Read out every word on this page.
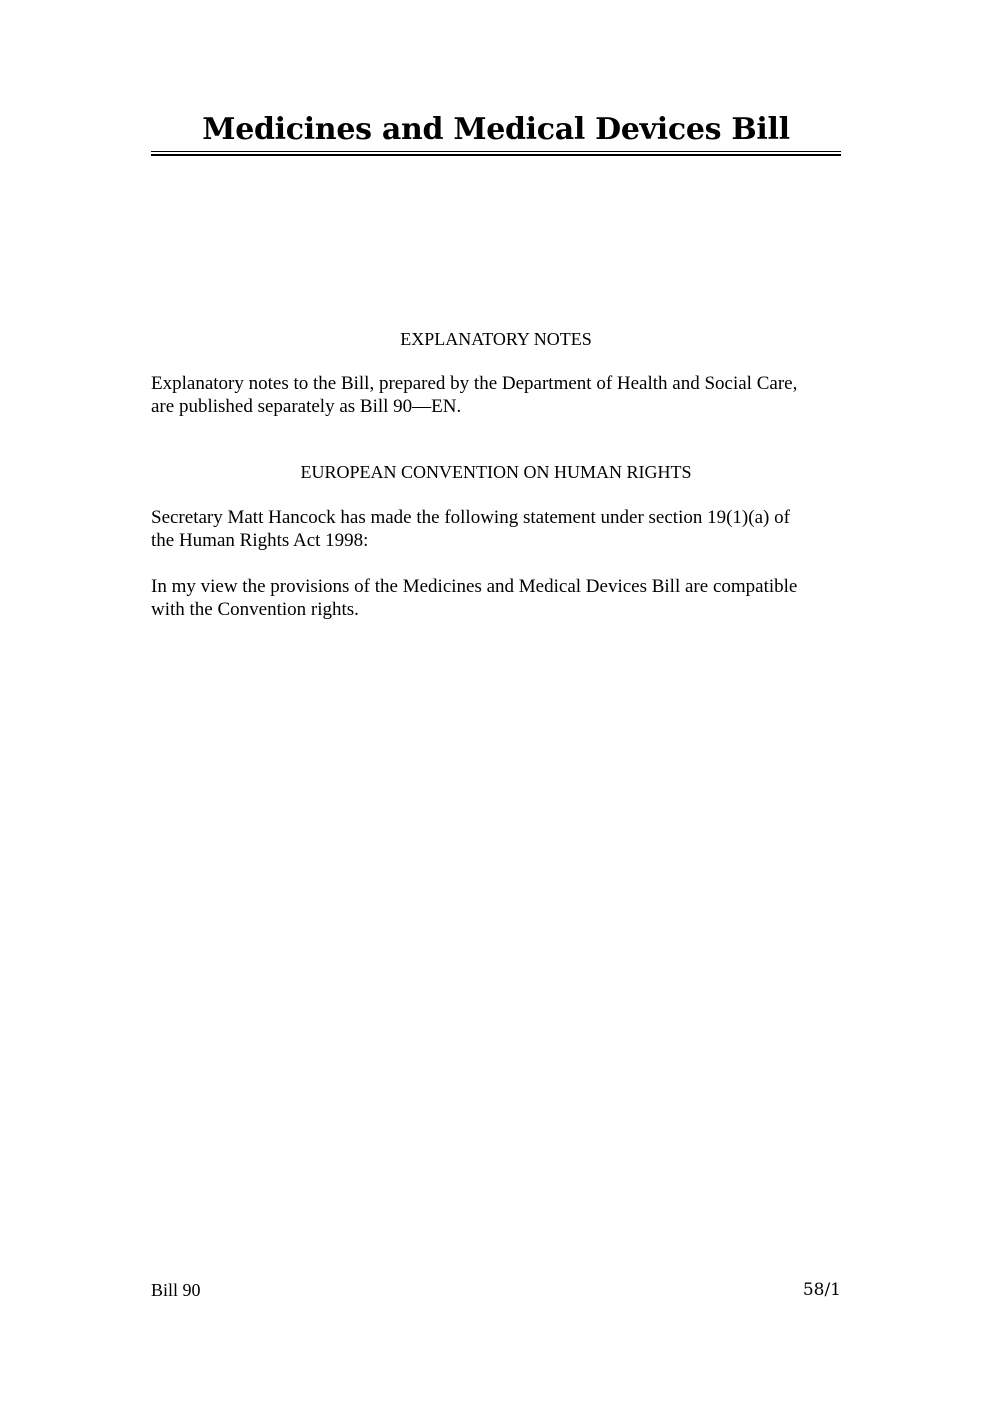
Medicines and Medical Devices Bill
EXPLANATORY NOTES
Explanatory notes to the Bill, prepared by the Department of Health and Social Care,
are published separately as Bill 90—EN.
EUROPEAN CONVENTION ON HUMAN RIGHTS
Secretary Matt Hancock has made the following statement under section 19(1)(a) of
the Human Rights Act 1998:
In my view the provisions of the Medicines and Medical Devices Bill are compatible
with the Convention rights.
Bill 90	58/1
